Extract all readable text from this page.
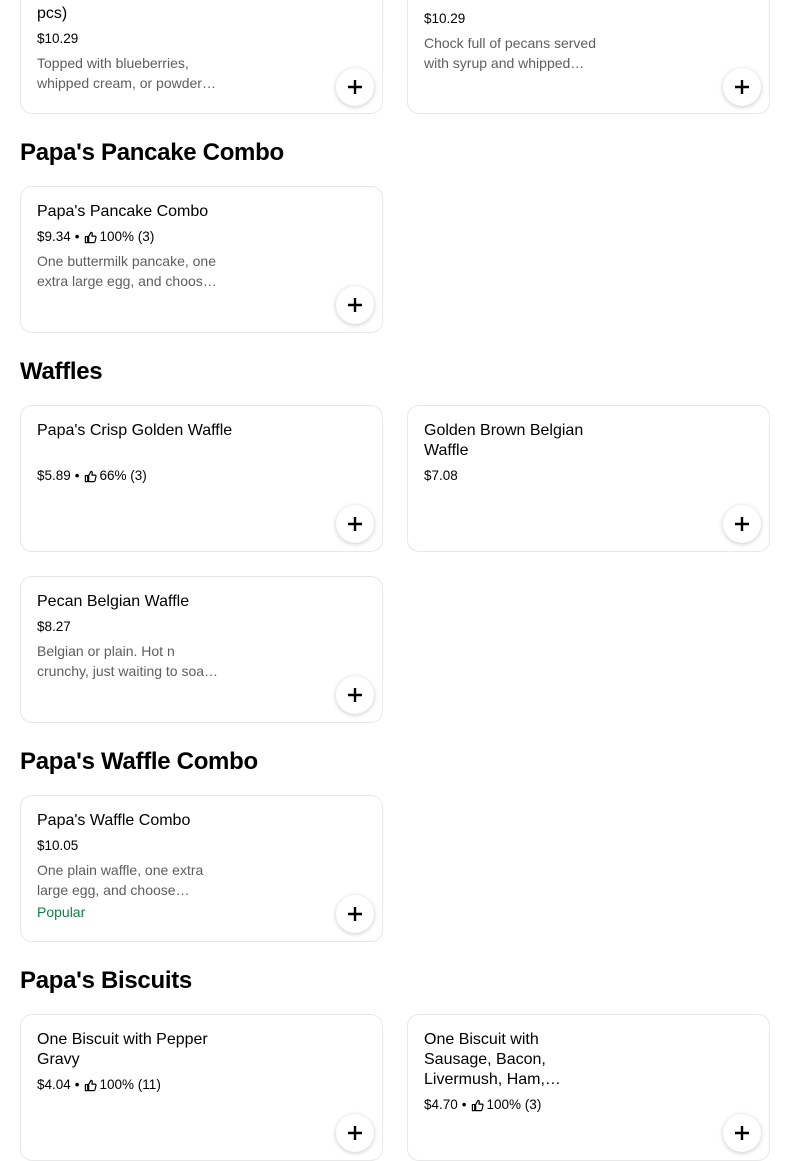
pcs)
$10.29
Topped with blueberries, whipped cream, or powder…
$10.29
Chock full of pecans served with syrup and whipped…
Papa's Pancake Combo
Papa's Pancake Combo
$9.34 • 100% (3)
One buttermilk pancake, one extra large egg, and choos…
Waffles
Papa's Crisp Golden Waffle
$5.89 • 66% (3)
Golden Brown Belgian Waffle
$7.08
Pecan Belgian Waffle
$8.27
Belgian or plain. Hot n crunchy, just waiting to soa…
Papa's Waffle Combo
Papa's Waffle Combo
$10.05
One plain waffle, one extra large egg, and choose…
Popular
Papa's Biscuits
One Biscuit with Pepper Gravy
$4.04 • 100% (11)
One Biscuit with Sausage, Bacon, Livermush, Ham,…
$4.70 • 100% (3)
